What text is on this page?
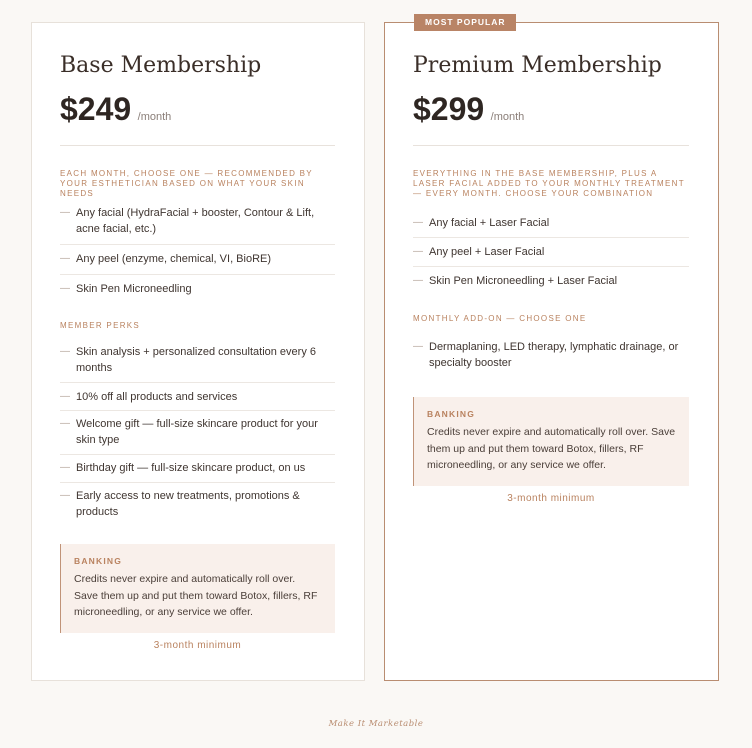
Base Membership
$249 /month
EACH MONTH, CHOOSE ONE — RECOMMENDED BY YOUR ESTHETICIAN BASED ON WHAT YOUR SKIN NEEDS
— Any facial (HydraFacial + booster, Contour & Lift, acne facial, etc.)
— Any peel (enzyme, chemical, VI, BioRE)
— Skin Pen Microneedling
MEMBER PERKS
— Skin analysis + personalized consultation every 6 months
— 10% off all products and services
— Welcome gift — full-size skincare product for your skin type
— Birthday gift — full-size skincare product, on us
— Early access to new treatments, promotions & products
BANKING
Credits never expire and automatically roll over. Save them up and put them toward Botox, fillers, RF microneedling, or any service we offer.
3-month minimum
MOST POPULAR
Premium Membership
$299 /month
EVERYTHING IN THE BASE MEMBERSHIP, PLUS A LASER FACIAL ADDED TO YOUR MONTHLY TREATMENT — EVERY MONTH. CHOOSE YOUR COMBINATION
— Any facial + Laser Facial
— Any peel + Laser Facial
— Skin Pen Microneedling + Laser Facial
MONTHLY ADD-ON — CHOOSE ONE
— Dermaplaning, LED therapy, lymphatic drainage, or specialty booster
BANKING
Credits never expire and automatically roll over. Save them up and put them toward Botox, fillers, RF microneedling, or any service we offer.
3-month minimum
Make It Marketable
